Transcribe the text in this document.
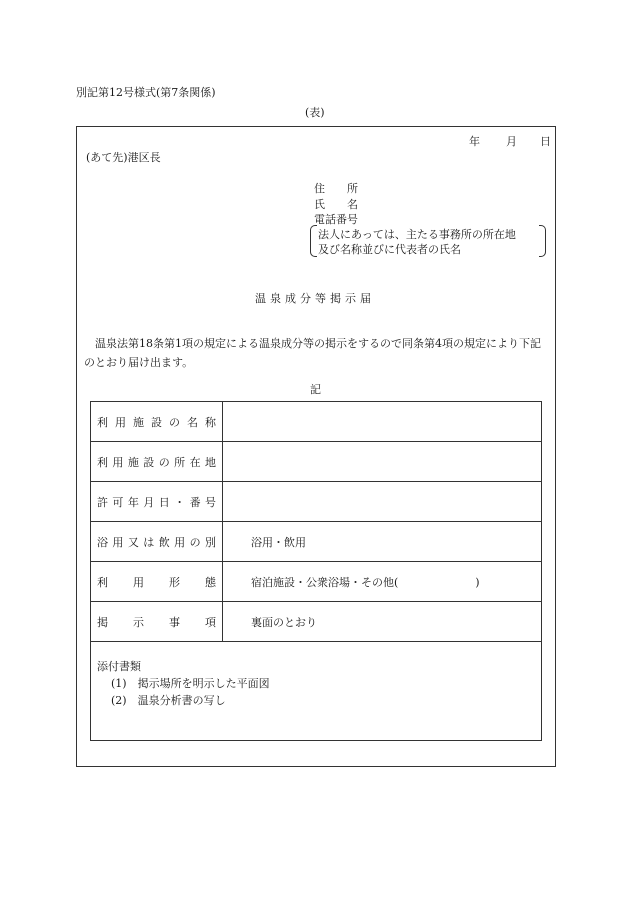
別記第12号様式(第7条関係)
(表)
年 月 日
(あて先)港区長
住　　所
氏　　名
電話番号
法人にあっては、主たる事務所の所在地
及び名称並びに代表者の氏名
温泉成分等掲示届
温泉法第18条第1項の規定による温泉成分等の掲示をするので同条第4項の規定により下記のとおり届け出ます。
記
利用施設の名称	
利用施設の所在地	
許可年月日・番号	
浴用又は飲用の別	浴用・飲用
利用形態	宿泊施設・公衆浴場・その他(　　　　　　　)
掲示事項	裏面のとおり

添付書類
(1)　掲示場所を明示した平面図
(2)　温泉分析書の写し	
